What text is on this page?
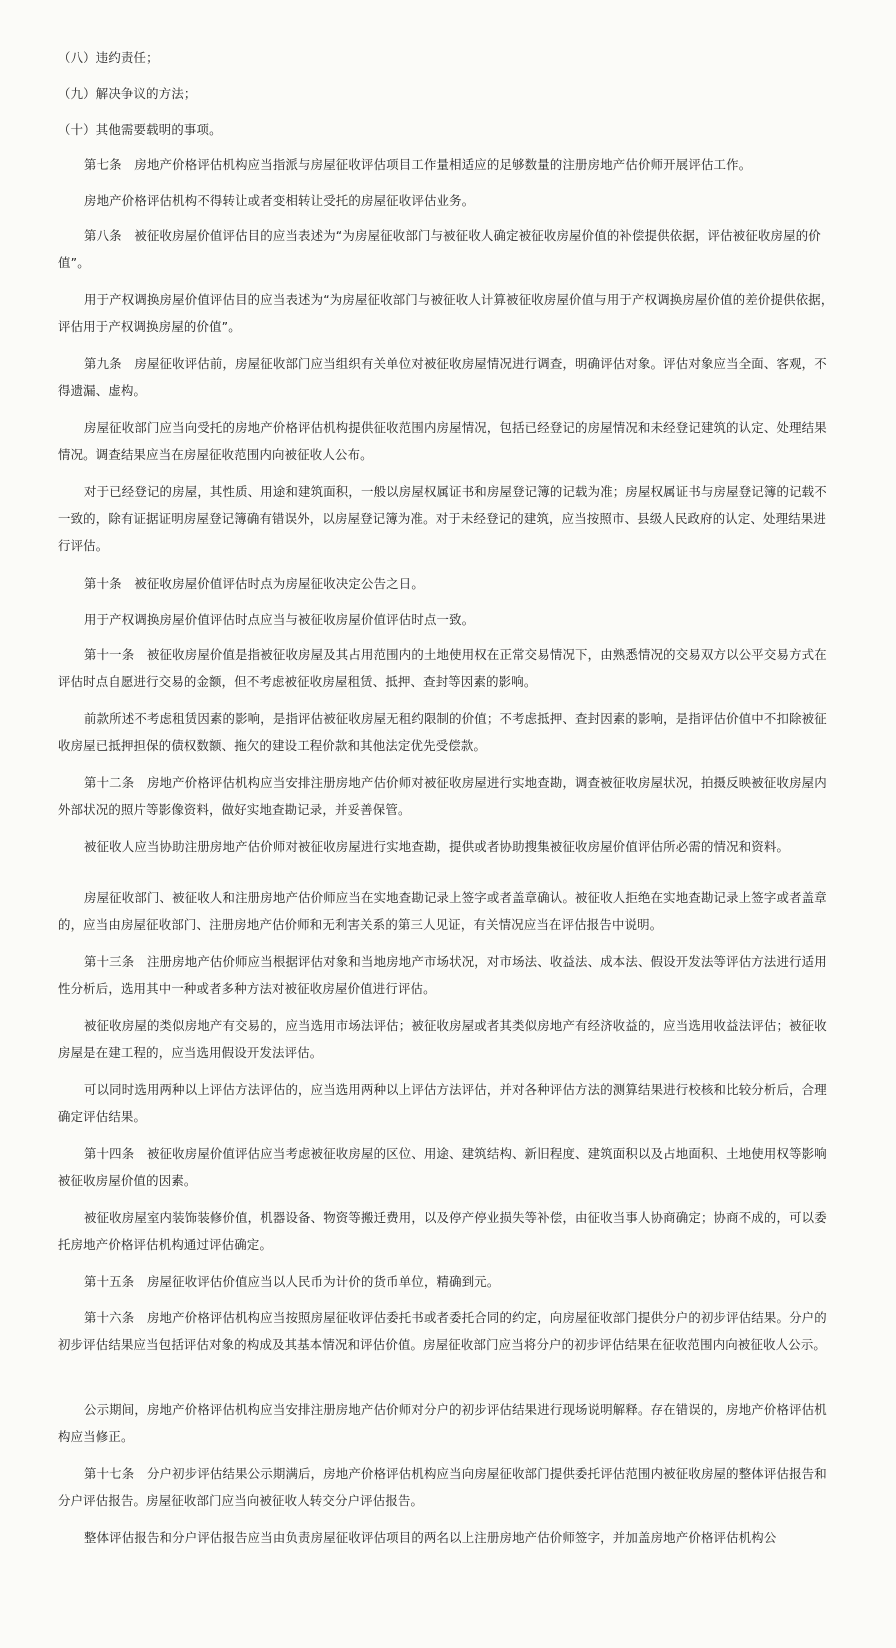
（八）违约责任；
（九）解决争议的方法；
（十）其他需要载明的事项。
第七条　房地产价格评估机构应当指派与房屋征收评估项目工作量相适应的足够数量的注册房地产估价师开展评估工作。
房地产价格评估机构不得转让或者变相转让受托的房屋征收评估业务。
第八条　被征收房屋价值评估目的应当表述为“为房屋征收部门与被征收人确定被征收房屋价值的补偿提供依据，评估被征收房屋的价值”。
用于产权调换房屋价值评估目的应当表述为“为房屋征收部门与被征收人计算被征收房屋价值与用于产权调换房屋价值的差价提供依据，评估用于产权调换房屋的价值”。
第九条　房屋征收评估前，房屋征收部门应当组织有关单位对被征收房屋情况进行调查，明确评估对象。评估对象应当全面、客观，不得遗漏、虚构。
房屋征收部门应当向受托的房地产价格评估机构提供征收范围内房屋情况，包括已经登记的房屋情况和未经登记建筑的认定、处理结果情况。调查结果应当在房屋征收范围内向被征收人公布。
对于已经登记的房屋，其性质、用途和建筑面积，一般以房屋权属证书和房屋登记簿的记载为准；房屋权属证书与房屋登记簿的记载不一致的，除有证据证明房屋登记簿确有错误外，以房屋登记簿为准。对于未经登记的建筑，应当按照市、县级人民政府的认定、处理结果进行评估。
第十条　被征收房屋价值评估时点为房屋征收决定公告之日。
用于产权调换房屋价值评估时点应当与被征收房屋价值评估时点一致。
第十一条　被征收房屋价值是指被征收房屋及其占用范围内的土地使用权在正常交易情况下，由熟悉情况的交易双方以公平交易方式在评估时点自愿进行交易的金额，但不考虑被征收房屋租赁、抵押、查封等因素的影响。
前款所述不考虑租赁因素的影响，是指评估被征收房屋无租约限制的价值；不考虑抵押、查封因素的影响，是指评估价值中不扣除被征收房屋已抵押担保的债权数额、拖欠的建设工程价款和其他法定优先受偿款。
第十二条　房地产价格评估机构应当安排注册房地产估价师对被征收房屋进行实地查勘，调查被征收房屋状况，拍摄反映被征收房屋内外部状况的照片等影像资料，做好实地查勘记录，并妥善保管。
被征收人应当协助注册房地产估价师对被征收房屋进行实地查勘，提供或者协助搜集被征收房屋价值评估所必需的情况和资料。
房屋征收部门、被征收人和注册房地产估价师应当在实地查勘记录上签字或者盖章确认。被征收人拒绝在实地查勘记录上签字或者盖章的，应当由房屋征收部门、注册房地产估价师和无利害关系的第三人见证，有关情况应当在评估报告中说明。
第十三条　注册房地产估价师应当根据评估对象和当地房地产市场状况，对市场法、收益法、成本法、假设开发法等评估方法进行适用性分析后，选用其中一种或者多种方法对被征收房屋价值进行评估。
被征收房屋的类似房地产有交易的，应当选用市场法评估；被征收房屋或者其类似房地产有经济收益的，应当选用收益法评估；被征收房屋是在建工程的，应当选用假设开发法评估。
可以同时选用两种以上评估方法评估的，应当选用两种以上评估方法评估，并对各种评估方法的测算结果进行校核和比较分析后，合理确定评估结果。
第十四条　被征收房屋价值评估应当考虑被征收房屋的区位、用途、建筑结构、新旧程度、建筑面积以及占地面积、土地使用权等影响被征收房屋价值的因素。
被征收房屋室内装饰装修价值，机器设备、物资等搬迁费用，以及停产停业损失等补偿，由征收当事人协商确定；协商不成的，可以委托房地产价格评估机构通过评估确定。
第十五条　房屋征收评估价值应当以人民币为计价的货币单位，精确到元。
第十六条　房地产价格评估机构应当按照房屋征收评估委托书或者委托合同的约定，向房屋征收部门提供分户的初步评估结果。分户的初步评估结果应当包括评估对象的构成及其基本情况和评估价值。房屋征收部门应当将分户的初步评估结果在征收范围内向被征收人公示。
公示期间，房地产价格评估机构应当安排注册房地产估价师对分户的初步评估结果进行现场说明解释。存在错误的，房地产价格评估机构应当修正。
第十七条　分户初步评估结果公示期满后，房地产价格评估机构应当向房屋征收部门提供委托评估范围内被征收房屋的整体评估报告和分户评估报告。房屋征收部门应当向被征收人转交分户评估报告。
整体评估报告和分户评估报告应当由负责房屋征收评估项目的两名以上注册房地产估价师签字，并加盖房地产价格评估机构公
